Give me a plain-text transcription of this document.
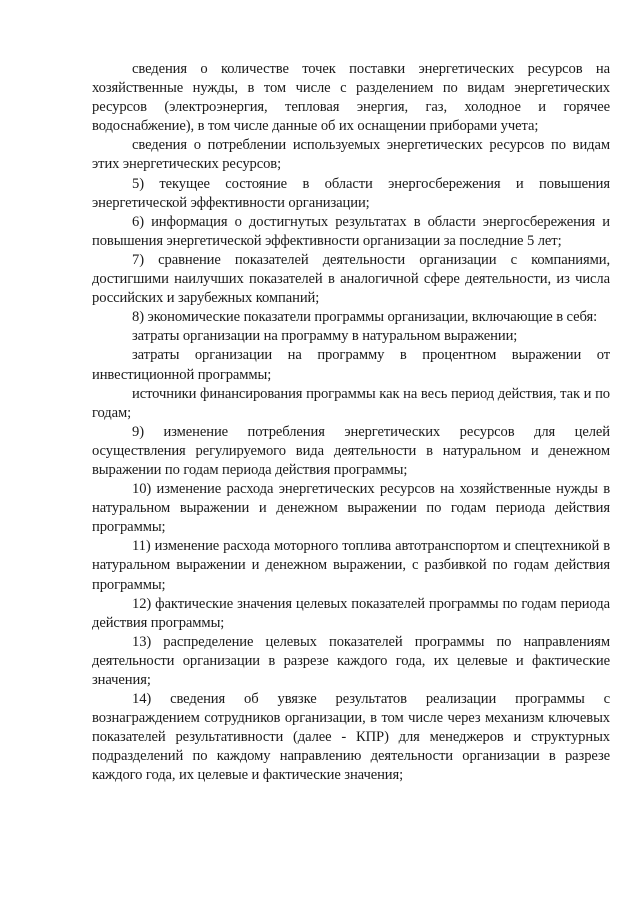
сведения о количестве точек поставки энергетических ресурсов на хозяйственные нужды, в том числе с разделением по видам энергетических ресурсов (электроэнергия, тепловая энергия, газ, холодное и горячее водоснабжение), в том числе данные об их оснащении приборами учета;

сведения о потреблении используемых энергетических ресурсов по видам этих энергетических ресурсов;

5) текущее состояние в области энергосбережения и повышения энергетической эффективности организации;

6) информация о достигнутых результатах в области энергосбережения и повышения энергетической эффективности организации за последние 5 лет;

7) сравнение показателей деятельности организации с компаниями, достигшими наилучших показателей в аналогичной сфере деятельности, из числа российских и зарубежных компаний;

8) экономические показатели программы организации, включающие в себя:

затраты организации на программу в натуральном выражении;

затраты организации на программу в процентном выражении от инвестиционной программы;

источники финансирования программы как на весь период действия, так и по годам;

9) изменение потребления энергетических ресурсов для целей осуществления регулируемого вида деятельности в натуральном и денежном выражении по годам периода действия программы;

10) изменение расхода энергетических ресурсов на хозяйственные нужды в натуральном выражении и денежном выражении по годам периода действия программы;

11) изменение расхода моторного топлива автотранспортом и спецтехникой в натуральном выражении и денежном выражении, с разбивкой по годам действия программы;

12) фактические значения целевых показателей программы по годам периода действия программы;

13) распределение целевых показателей программы по направлениям деятельности организации в разрезе каждого года, их целевые и фактические значения;

14) сведения об увязке результатов реализации программы с вознаграждением сотрудников организации, в том числе через механизм ключевых показателей результативности (далее - КПР) для менеджеров и структурных подразделений по каждому направлению деятельности организации в разрезе каждого года, их целевые и фактические значения;
